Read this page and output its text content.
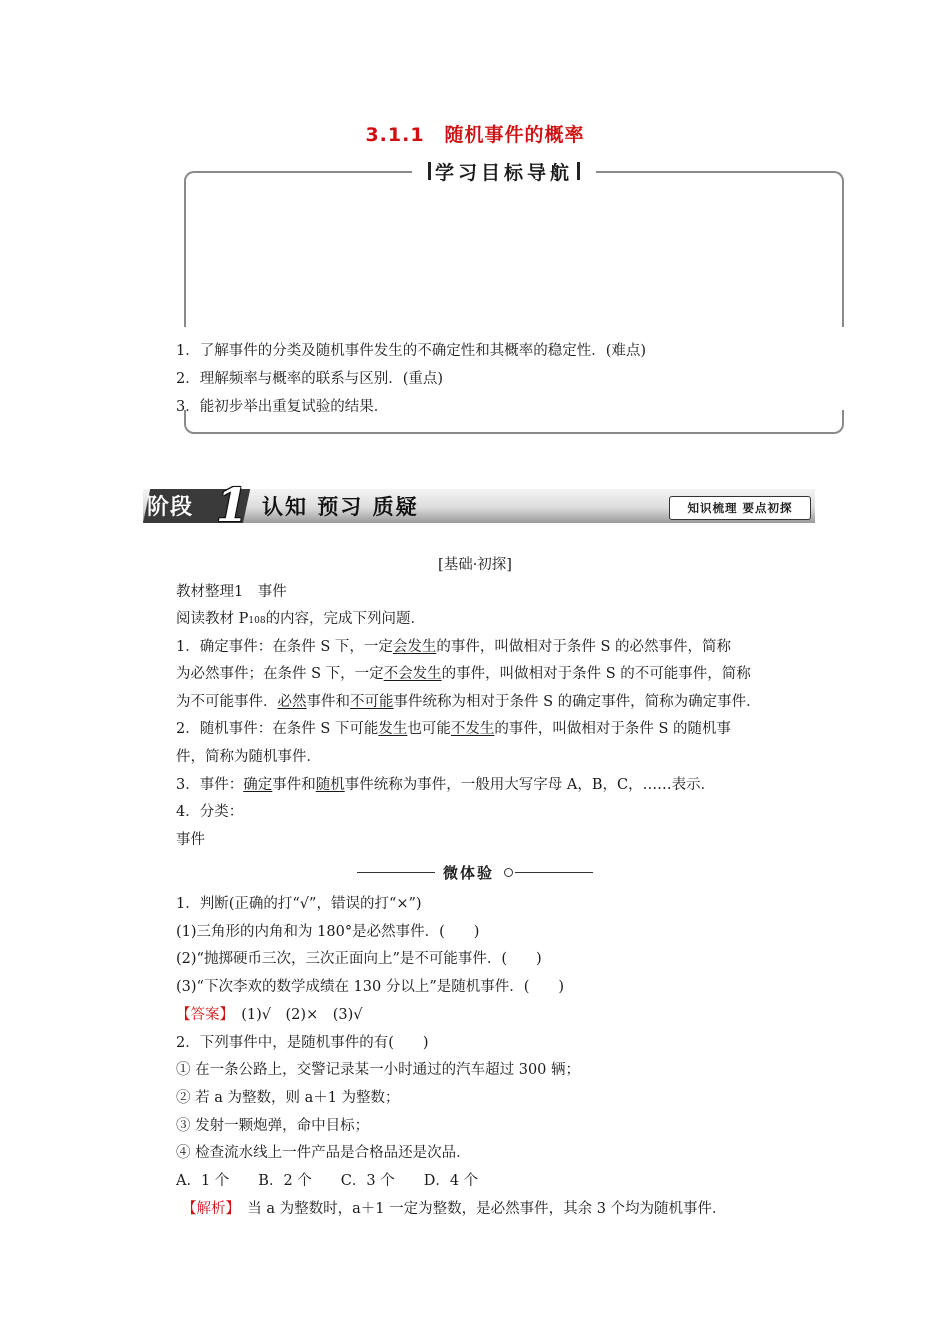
3.1.1　随机事件的概率
学习目标导航
1．了解事件的分类及随机事件发生的不确定性和其概率的稳定性．(难点)
2．理解频率与概率的联系与区别．(重点)
3．能初步举出重复试验的结果．
阶段 1 认知 预习 质疑	知识梳理 要点初探
[基础·初探]
教材整理1　事件
阅读教材 P108的内容，完成下列问题．
1．确定事件：在条件 S 下，一定会发生的事件，叫做相对于条件 S 的必然事件，简称
为必然事件；在条件 S 下，一定不会发生的事件，叫做相对于条件 S 的不可能事件，简称
为不可能事件．必然事件和不可能事件统称为相对于条件 S 的确定事件，简称为确定事件．
2．随机事件：在条件 S 下可能发生也可能不发生的事件，叫做相对于条件 S 的随机事
件，简称为随机事件．
3．事件：确定事件和随机事件统称为事件，一般用大写字母 A，B，C，……表示．
4．分类：
事件
微体验
1．判断(正确的打“√”，错误的打“×”)
(1)三角形的内角和为 180°是必然事件．(　　)
(2)“抛掷硬币三次，三次正面向上”是不可能事件．(　　)
(3)“下次李欢的数学成绩在 130 分以上”是随机事件．(　　)
【答案】　(1)√　(2)×　(3)√
2．下列事件中，是随机事件的有(　　)
① 在一条公路上，交警记录某一小时通过的汽车超过 300 辆；
② 若 a 为整数，则 a＋1 为整数；
③ 发射一颗炮弹，命中目标；
④ 检查流水线上一件产品是合格品还是次品．
A．1 个　　B．2 个　　C．3 个　　D．4 个
【解析】　当 a 为整数时，a＋1 一定为整数，是必然事件，其余 3 个均为随机事件．
